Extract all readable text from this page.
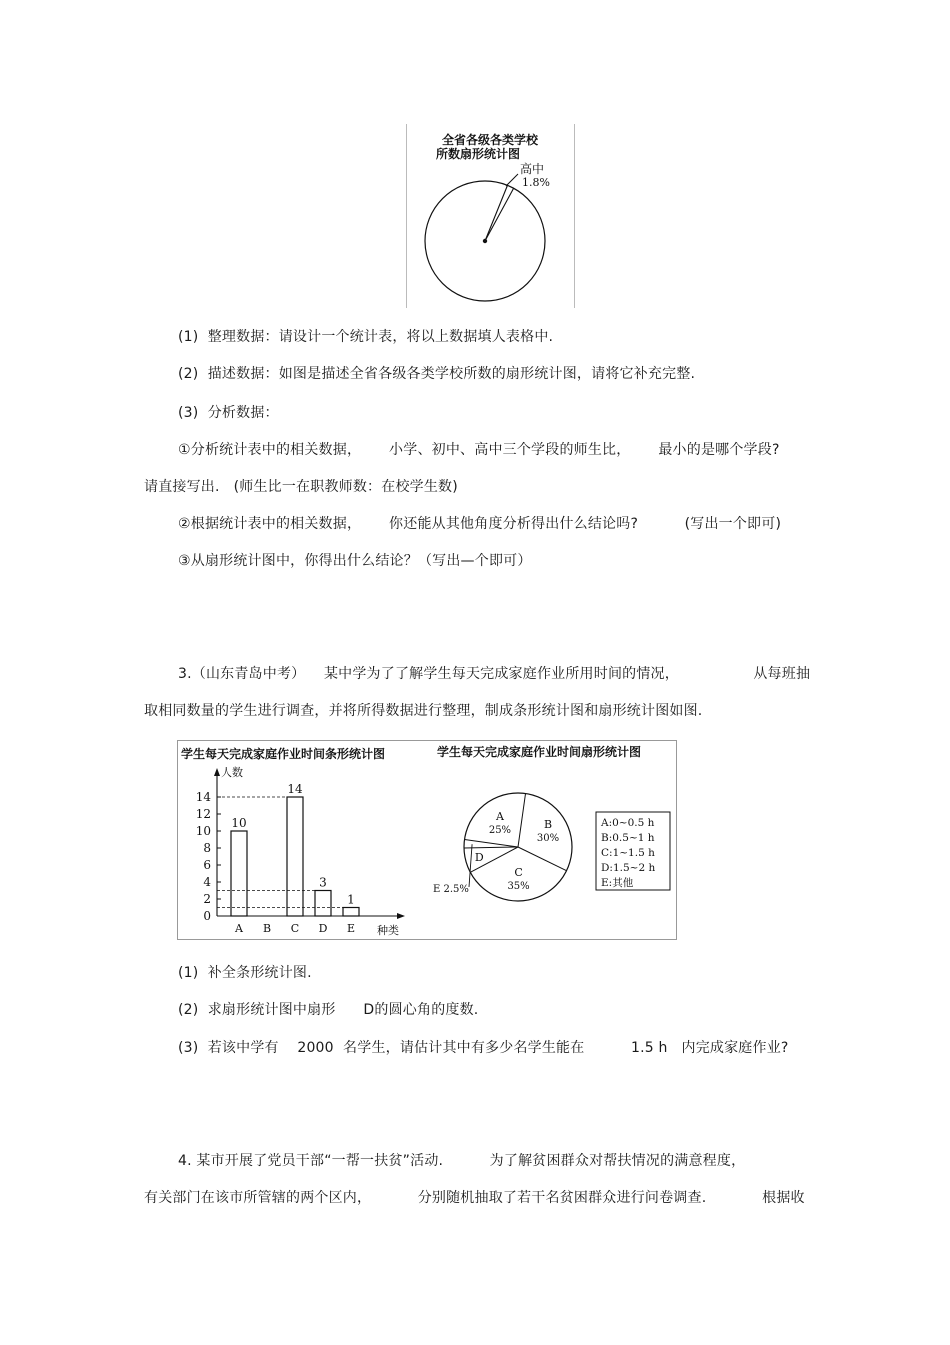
全省各级各类学校
所数扇形统计图
高中
1.8%
(1)  整理数据：请设计一个统计表，将以上数据填人表格中.
(2)  描述数据：如图是描述全省各级各类学校所数的扇形统计图，请将它补充完整.
(3)  分析数据：
①分析统计表中的相关数据，      小学、初中、高中三个学段的师生比，      最小的是哪个学段?
请直接写出.   (师生比一在职教师数：在校学生数)
②根据统计表中的相关数据，      你还能从其他角度分析得出什么结论吗?          (写出一个即可)
③从扇形统计图中，你得出什么结论？（写出—个即可）
3.（山东青岛中考）    某中学为了了解学生每天完成家庭作业所用时间的情况，                从每班抽
取相同数量的学生进行调查，并将所得数据进行整理，制成条形统计图和扇形统计图如图.
学生每天完成家庭作业时间条形统计图
人数
种类
0
2
4
6
8
10
12
14
A
10
B C
14
D
3
E
1
学生每天完成家庭作业时间扇形统计图
A
25%	B
30%
C
35%
D
E 2.5%
A:0~0.5 h
B:0.5~1 h
C:1~1.5 h
D:1.5~2 h
E:其他
(1)  补全条形统计图.
(2)  求扇形统计图中扇形      D的圆心角的度数.
(3)  若该中学有    2000  名学生，请估计其中有多少名学生能在          1.5 h   内完成家庭作业?
4. 某市开展了党员干部“一帮一扶贫”活动.          为了解贫困群众对帮扶情况的满意程度，
有关部门在该市所管辖的两个区内，          分别随机抽取了若干名贫困群众进行问卷调查.            根据收
